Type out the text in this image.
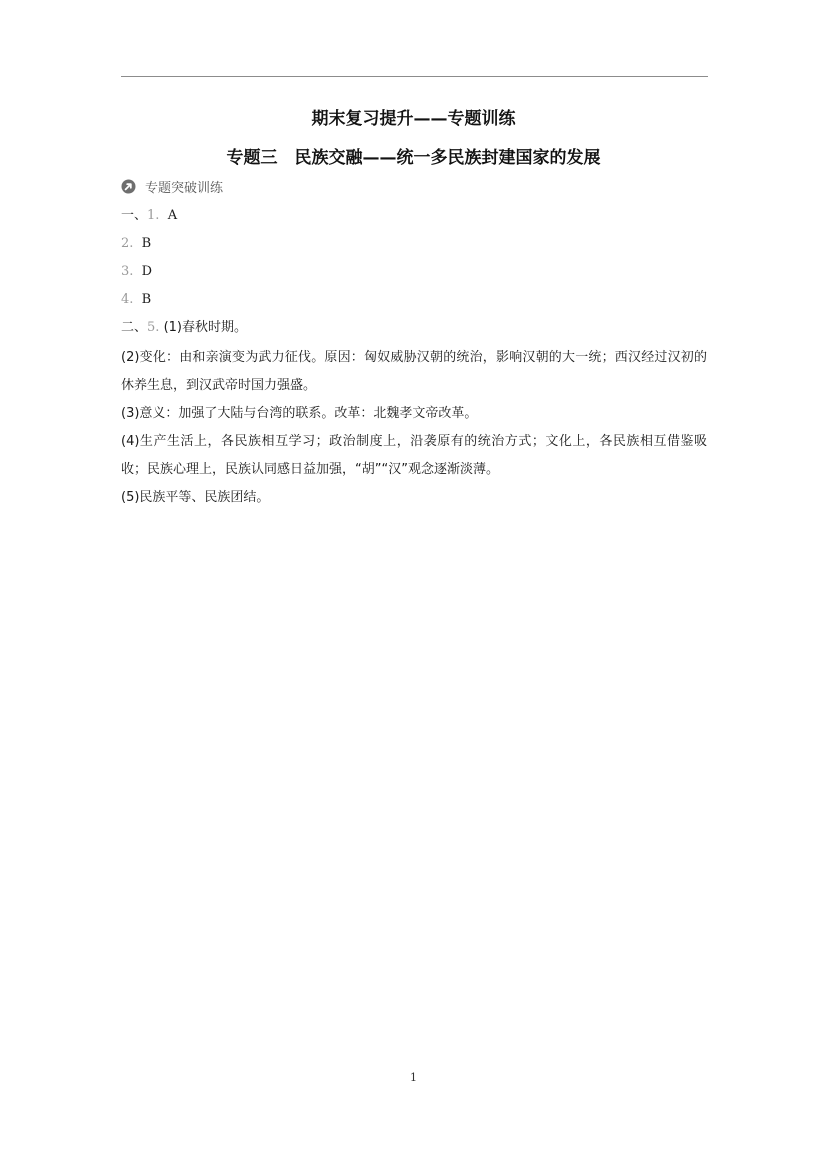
期末复习提升——专题训练
专题三　民族交融——统一多民族封建国家的发展
专题突破训练
一、1. A
2. B
3. D
4. B
二、5. (1)春秋时期。
(2)变化：由和亲演变为武力征伐。原因：匈奴威胁汉朝的统治，影响汉朝的大一统；西汉经过汉初的休养生息，到汉武帝时国力强盛。
(3)意义：加强了大陆与台湾的联系。改革：北魏孝文帝改革。
(4)生产生活上，各民族相互学习；政治制度上，沿袭原有的统治方式；文化上，各民族相互借鉴吸收；民族心理上，民族认同感日益加强，“胡”“汉”观念逐渐淡薄。
(5)民族平等、民族团结。
1
